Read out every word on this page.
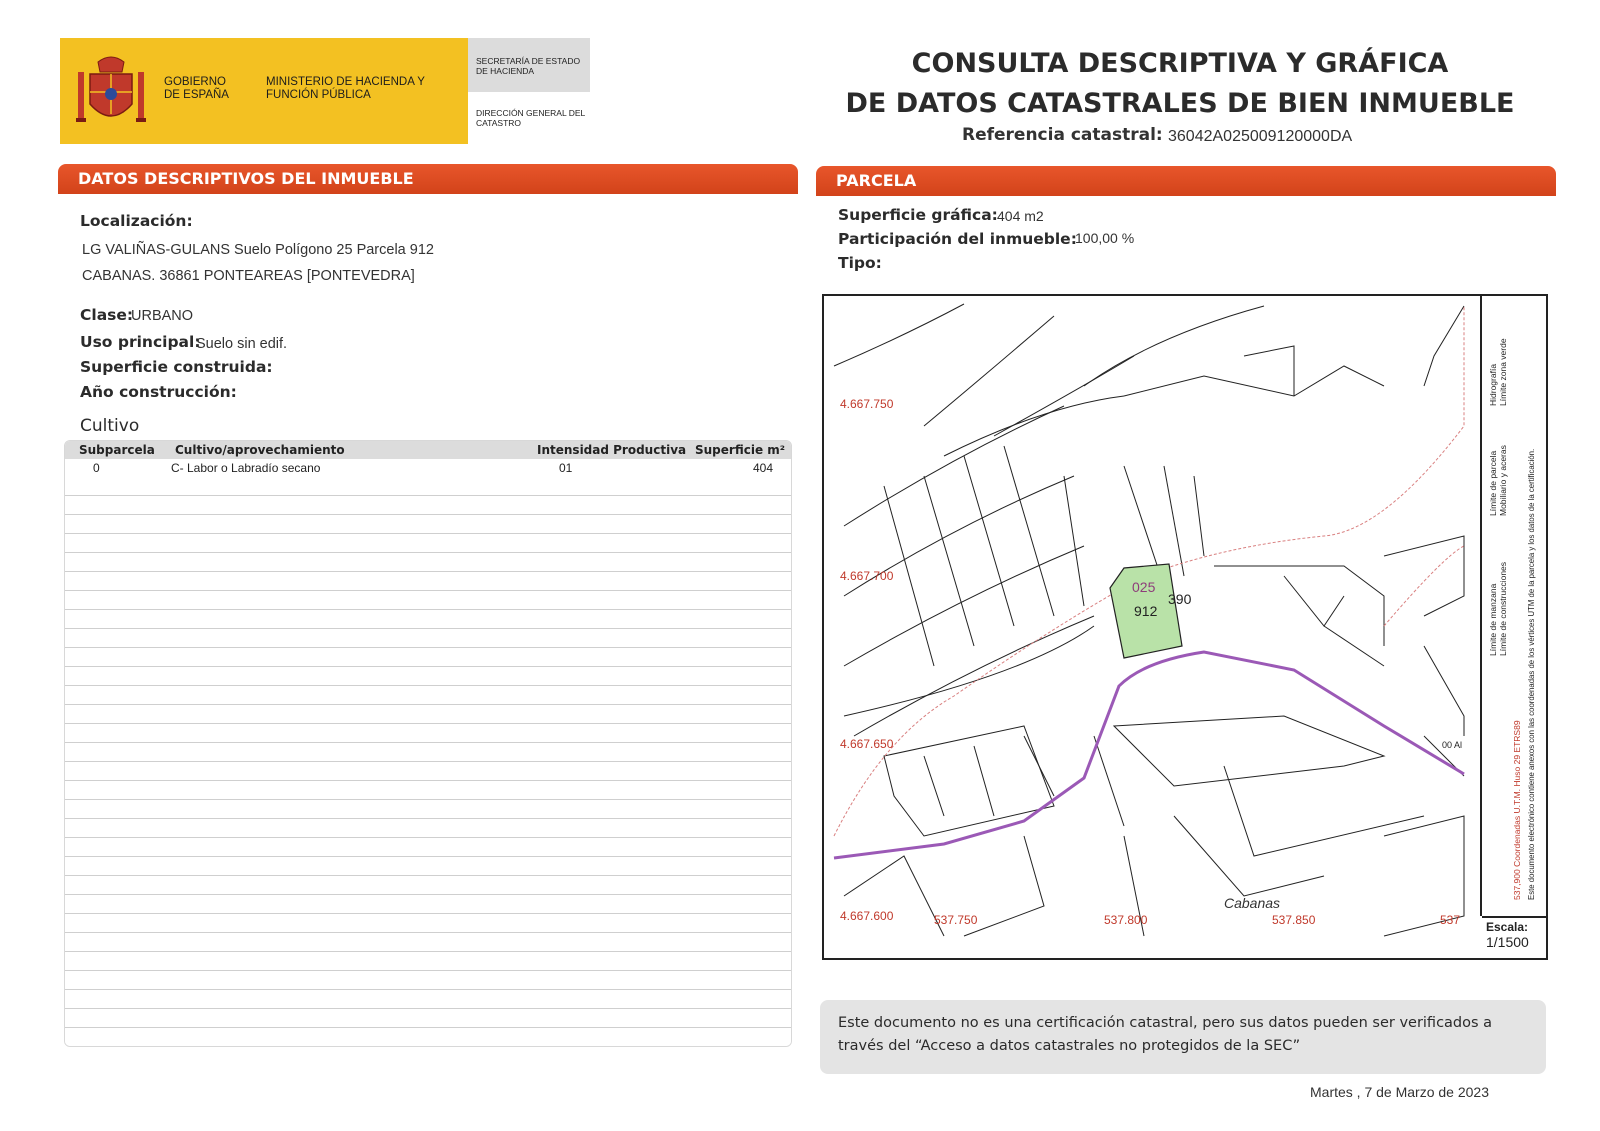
GOBIERNO DE ESPAÑA
MINISTERIO DE HACIENDA Y FUNCIÓN PÚBLICA
SECRETARÍA DE ESTADO DE HACIENDA
DIRECCIÓN GENERAL DEL CATASTRO
CONSULTA DESCRIPTIVA Y GRÁFICA
DE DATOS CATASTRALES DE BIEN INMUEBLE
Referencia catastral: 36042A025009120000DA
DATOS DESCRIPTIVOS DEL INMUEBLE
Localización:
LG VALIÑAS-GULANS Suelo Polígono 25 Parcela 912
CABANAS. 36861 PONTEAREAS [PONTEVEDRA]
Clase:
URBANO
Uso principal:
Suelo sin edif.
Superficie construida:
Año construcción:
Cultivo
Subparcela Cultivo/aprovechamiento	Intensidad Productiva Superficie m²
0	C- Labor o Labradío secano	01	404
PARCELA
Superficie gráfica: 404 m2
Participación del inmueble:
100,00 %
Tipo:
025
912
390
4.667.750
4.667.700
4.667.650
4.667.600	537.750	537.800	537.850	537
Cabanas
00 Al
Límite de manzana
Límite de parcela
Hidrografía
Límite de construcciones
Mobiliario y aceras
Límite zona verde
537,900 Coordenadas U.T.M. Huso 29 ETRS89 Este documento electrónico contiene anexos con las coordenadas de los vértices UTM de la parcela y los datos de la certificación.
Escala:
1/1500
Este documento no es una certificación catastral, pero sus datos pueden ser verificados a través del “Acceso a datos catastrales no protegidos de la SEC”
Martes , 7 de Marzo de 2023
